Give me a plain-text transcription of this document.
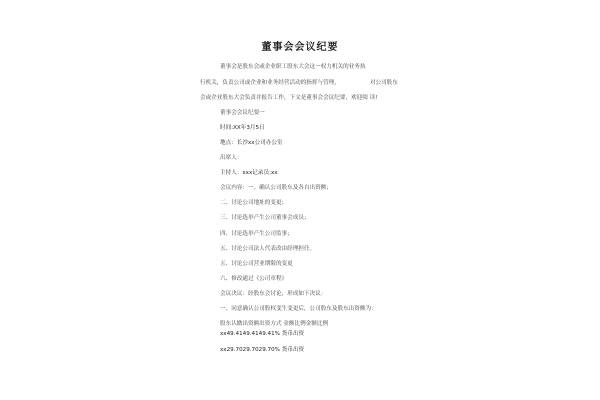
董事会会议纪要
董事会是股东会或企业职工股东大会这一权力机关的业务执
行机关，负责公司或企业和业务经营活动的指挥与管理，	对公司股东
会或企业股东大会负责并报告工作，下文是董事会会议纪要，欢迎阅 读!
董事会会议纪要一
时间:XX年3月5日
地点：长沙xx公司办公室
出席人：
主持人：xxx记录员:xx
会议内容：一、确认公司股东及各自出资额；
二、讨论公司地址的变更；
三、讨论选举产生公司董事会成员；
四、讨论选举产生公司监事；
五、讨论公司法人代表改由经理担任。
五、讨论公司营业期限的变更
六、修改通过《公司章程》
会议决议：经股东会讨论，形成如下决议：
一、同意确认公司股权变生变更后，公司股东及股东出资额为：
股东认缴出资额出资方式 金额比例金额比例
xx49.4149.4149.41% 货币出资
xx29.7029.7029.70% 货币出资
